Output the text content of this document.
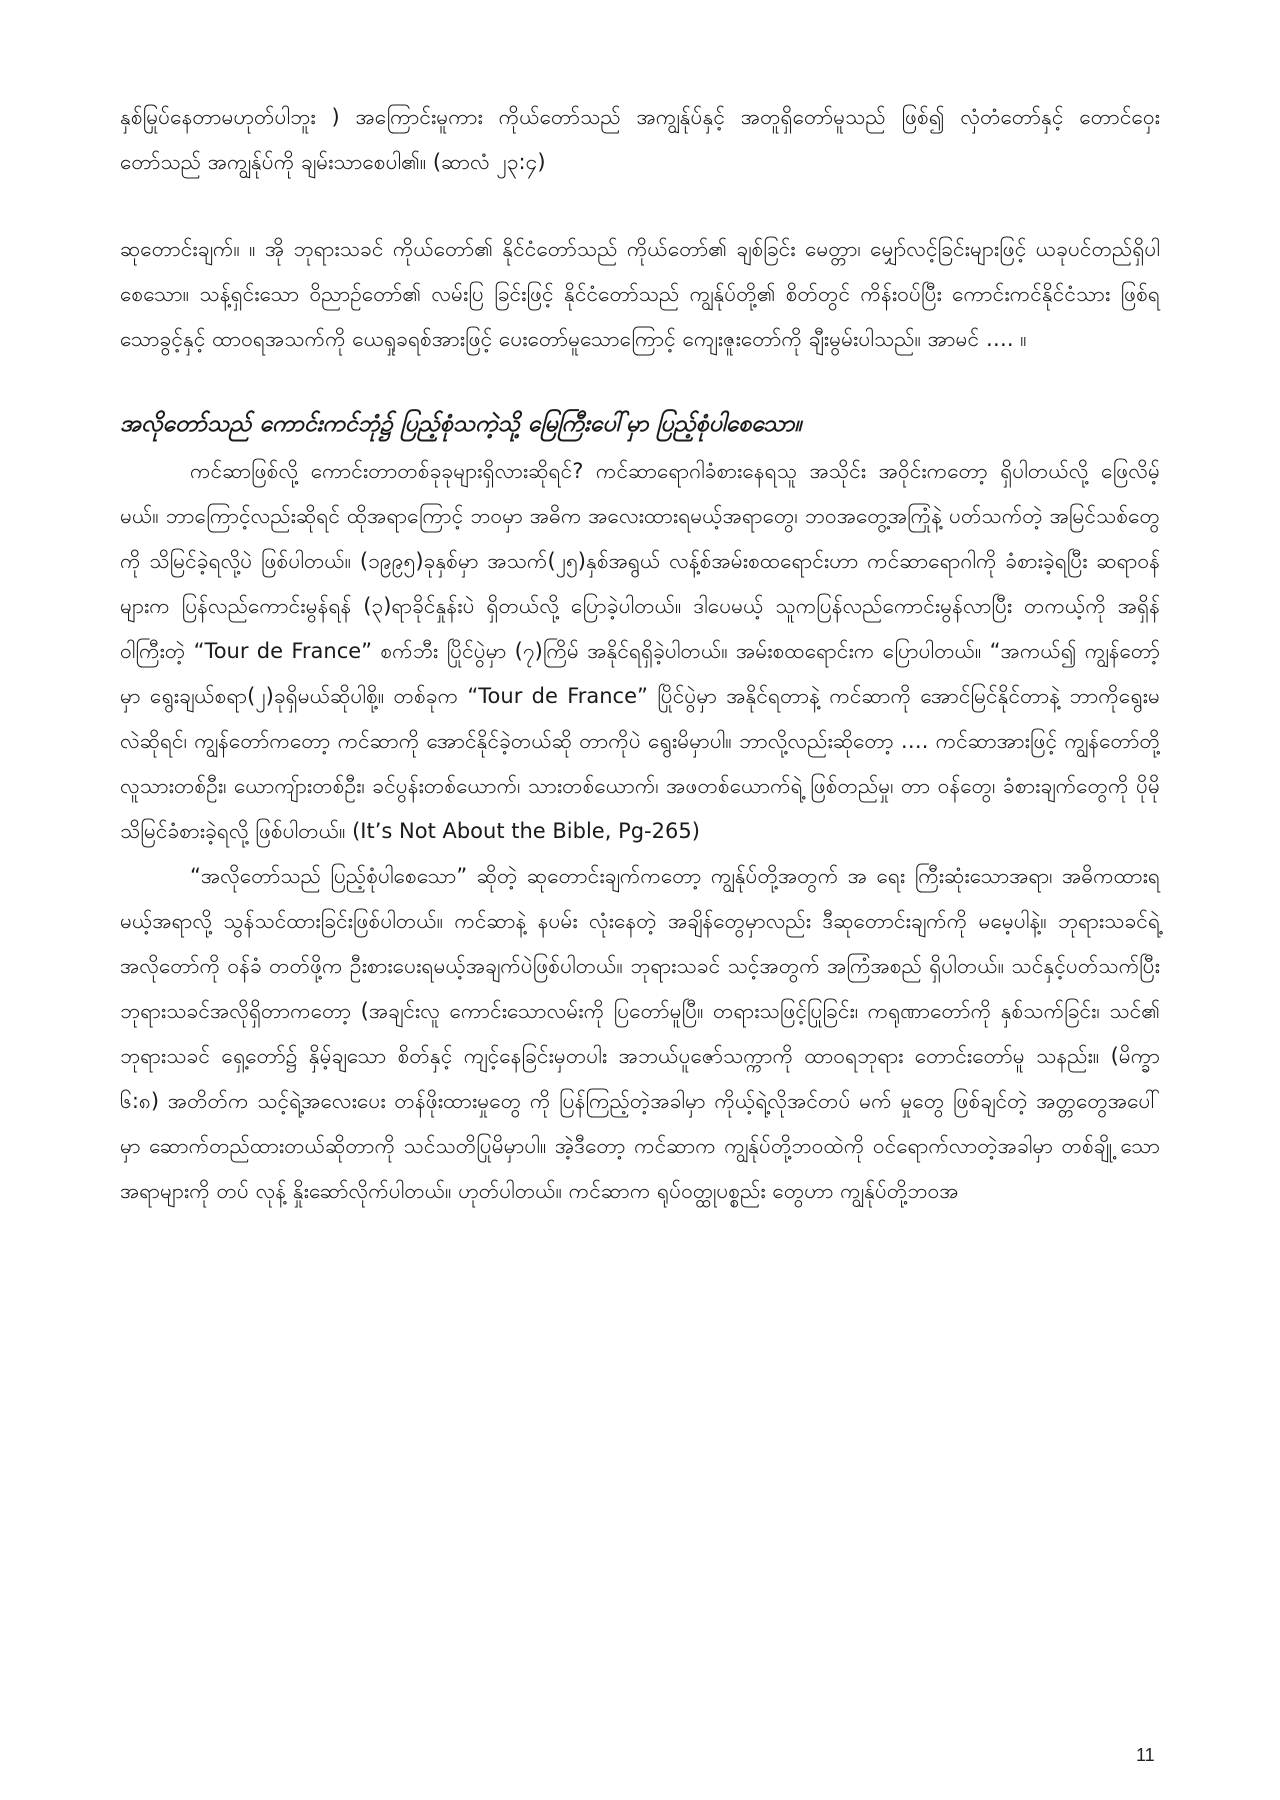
နှစ်မြုပ်နေတာမဟုတ်ပါဘူး ) အကြောင်းမူကား ကိုယ်တော်သည် အကျွန်ုပ်နှင့် အတူရှိတော်မူသည် ဖြစ်၍ လှံတံတော်နှင့် တောင်ဝှေးတော်သည် အကျွန်ုပ်ကို ချမ်းသာစေပါ၏။ (ဆာလံ ၂၃:၄)

ဆုတောင်းချက်။ ။ အို ဘုရားသခင် ကိုယ်တော်၏ နိုင်ငံတော်သည် ကိုယ်တော်၏ ချစ်ခြင်း မေတ္တာ၊ မျှော်လင့်ခြင်းများဖြင့် ယခုပင်တည်ရှိပါစေသော။ သန့်ရှင်းသော ဝိညာဉ်တော်၏ လမ်းပြ ခြင်းဖြင့် နိုင်ငံတော်သည် ကျွန်ုပ်တို့၏ စိတ်တွင် ကိန်းဝပ်ပြီး ကောင်းကင်နိုင်ငံသား ဖြစ်ရသောခွင့်နှင့် ထာဝရအသက်ကို ယေရှုခရစ်အားဖြင့် ပေးတော်မူသောကြောင့် ကျေးဇူးတော်ကို ချီးမွမ်းပါသည်။ အာမင် …. ။

အလိုတော်သည် ကောင်းကင်ဘုံ၌ ပြည့်စုံသကဲ့သို့ မြေကြီးပေါ်မှာ ပြည့်စုံပါစေသော။

ကင်ဆာဖြစ်လို့ ကောင်းတာတစ်ခုခုများရှိလားဆိုရင်? ကင်ဆာရောဂါခံစားနေရသူ အသိုင်း အဝိုင်းကတော့ ရှိပါတယ်လို့ ဖြေလိမ့်မယ်။ ဘာကြောင့်လည်းဆိုရင် ထိုအရာကြောင့် ဘဝမှာ အဓိက အလေးထားရမယ့်အရာတွေ၊ ဘဝအတွေ့အကြုံနဲ့ ပတ်သက်တဲ့ အမြင်သစ်တွေကို သိမြင်ခဲ့ရလို့ပဲ ဖြစ်ပါတယ်။ (၁၉၉၅)ခုနှစ်မှာ အသက်(၂၅)နှစ်အရွယ် လန့်စ်အမ်းစထရောင်းဟာ ကင်ဆာရောဂါကို ခံစားခဲ့ရပြီး ဆရာဝန်များက ပြန်လည်ကောင်းမွန်ရန် (၃)ရာခိုင်နှုန်းပဲ ရှိတယ်လို့ ပြောခဲ့ပါတယ်။ ဒါပေမယ့် သူကပြန်လည်ကောင်းမွန်လာပြီး တကယ့်ကို အရှိန်ဝါကြီးတဲ့ “Tour de France” စက်ဘီး ပြိုင်ပွဲမှာ (၇)ကြိမ် အနိုင်ရရှိခဲ့ပါတယ်။ အမ်းစထရောင်းက ပြောပါတယ်။ “အကယ်၍ ကျွန်တော့်မှာ ရွေးချယ်စရာ(၂)ခုရှိမယ်ဆိုပါစို့။ တစ်ခုက “Tour de France” ပြိုင်ပွဲမှာ အနိုင်ရတာနဲ့ ကင်ဆာကို အောင်မြင်နိုင်တာနဲ့ ဘာကိုရွေးမလဲဆိုရင်၊ ကျွန်တော်ကတော့ ကင်ဆာကို အောင်နိုင်ခဲ့တယ်ဆို တာကိုပဲ ရွေးမိမှာပါ။ ဘာလို့လည်းဆိုတော့ …. ကင်ဆာအားဖြင့် ကျွန်တော်တို့ လူသားတစ်ဦး၊ ယောကျ်ားတစ်ဦး၊ ခင်ပွန်းတစ်ယောက်၊ သားတစ်ယောက်၊ အဖတစ်ယောက်ရဲ့ ဖြစ်တည်မှု၊ တာ ဝန်တွေ၊ ခံစားချက်တွေကို ပိုမိုသိမြင်ခံစားခဲ့ရလို့ ဖြစ်ပါတယ်။ (It’s Not About the Bible, Pg-265)

“အလိုတော်သည် ပြည့်စုံပါစေသော” ဆိုတဲ့ ဆုတောင်းချက်ကတော့ ကျွန်ုပ်တို့အတွက် အ ရေး ကြီးဆုံးသောအရာ၊ အဓိကထားရမယ့်အရာလို့ သွန်သင်ထားခြင်းဖြစ်ပါတယ်။ ကင်ဆာနဲ့ နပမ်း လုံးနေတဲ့ အချိန်တွေမှာလည်း ဒီဆုတောင်းချက်ကို မမေ့ပါနဲ့။ ဘုရားသခင်ရဲ့အလိုတော်ကို ဝန်ခံ တတ်ဖို့က ဦးစားပေးရမယ့်အချက်ပဲဖြစ်ပါတယ်။ ဘုရားသခင် သင့်အတွက် အကြံအစည် ရှိပါတယ်။ သင်နှင့်ပတ်သက်ပြီး ဘုရားသခင်အလိုရှိတာကတော့ (အချင်းလူ ကောင်းသောလမ်းကို ပြတော်မူပြီ။ တရားသဖြင့်ပြုခြင်း၊ ကရုဏာတော်ကို နှစ်သက်ခြင်း၊ သင်၏ ဘုရားသခင် ရှေ့တော်၌ နှိမ့်ချသော စိတ်နှင့် ကျင့်နေခြင်းမှတပါး အဘယ်ပူဇော်သက္ကာကို ထာဝရဘုရား တောင်းတော်မူ သနည်း။ (မိက္ခာ ၆:၈) အတိတ်က သင့်ရဲ့အလေးပေး တန်ဖိုးထားမှုတွေ ကို ပြန်ကြည့်တဲ့အခါမှာ ကိုယ့်ရဲ့လိုအင်တပ် မက် မှုတွေ ဖြစ်ချင်တဲ့ အတ္တတွေအပေါ်မှာ ဆောက်တည်ထားတယ်ဆိုတာကို သင်သတိပြုမိမှာပါ။ အဲ့ဒီတော့ ကင်ဆာက ကျွန်ုပ်တို့ဘဝထဲကို ဝင်ရောက်လာတဲ့အခါမှာ တစ်ချို့ သောအရာများကို တပ် လုန့် နှိုးဆော်လိုက်ပါတယ်။ ဟုတ်ပါတယ်။ ကင်ဆာက ရုပ်ဝတ္ထုပစ္စည်း တွေဟာ ကျွန်ုပ်တို့ဘဝအ

11
